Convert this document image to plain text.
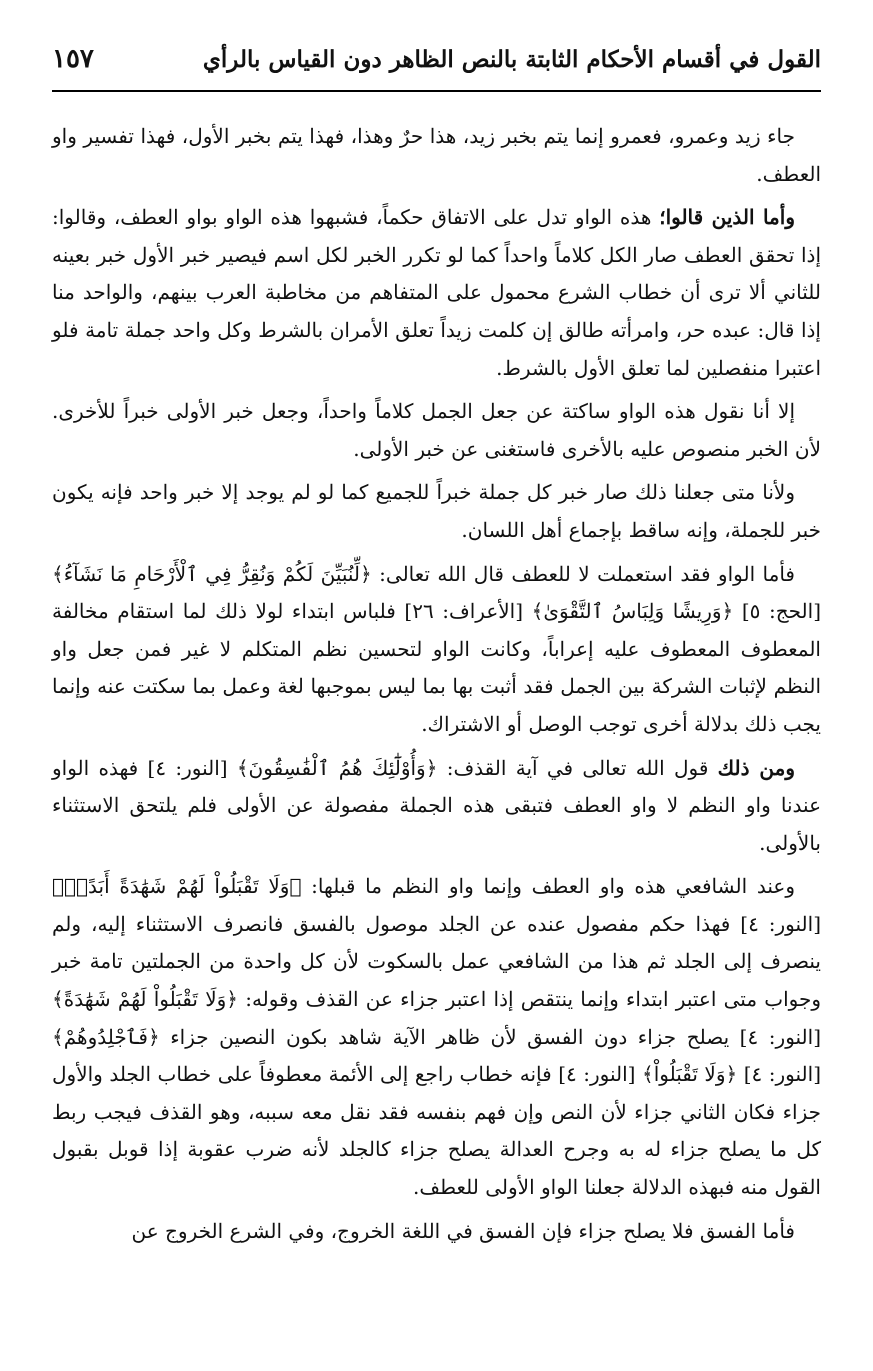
القول في أقسام الأحكام الثابتة بالنص الظاهر دون القياس بالرأي
١٥٧

جاء زيد وعمرو، فعمرو إنما يتم بخبر زيد، هذا حرٌ وهذا، فهذا يتم بخبر الأول، فهذا تفسير واو العطف.

وأما الذين قالوا؛ هذه الواو تدل على الاتفاق حكماً، فشبهوا هذه الواو بواو العطف، وقالوا: إذا تحقق العطف صار الكل كلاماً واحداً كما لو تكرر الخبر لكل اسم فيصير خبر الأول خبر بعينه للثاني ألا ترى أن خطاب الشرع محمول على المتفاهم من مخاطبة العرب بينهم، والواحد منا إذا قال: عبده حر، وامرأته طالق إن كلمت زيداً تعلق الأمران بالشرط وكل واحد جملة تامة فلو اعتبرا منفصلين لما تعلق الأول بالشرط.

إلا أنا نقول هذه الواو ساكتة عن جعل الجمل كلاماً واحداً، وجعل خبر الأولى خبراً للأخرى. لأن الخبر منصوص عليه بالأخرى فاستغنى عن خبر الأولى.

ولأنا متى جعلنا ذلك صار خبر كل جملة خبراً للجميع كما لو لم يوجد إلا خبر واحد فإنه يكون خبر للجملة، وإنه ساقط بإجماع أهل اللسان.

فأما الواو فقد استعملت لا للعطف قال الله تعالى: ﴿لِّنُبَيِّنَ لَكُمْ وَنُقِرُّ فِي ٱلْأَرْحَامِ مَا نَشَآءُ﴾ [الحج: ٥] ﴿وَرِيشًا وَلِبَاسُ ٱلتَّقْوَىٰ﴾ [الأعراف: ٢٦] فلباس ابتداء لولا ذلك لما استقام مخالفة المعطوف المعطوف عليه إعراباً، وكانت الواو لتحسين نظم المتكلم لا غير فمن جعل واو النظم لإثبات الشركة بين الجمل فقد أثبت بها بما ليس بموجبها لغة وعمل بما سكتت عنه وإنما يجب ذلك بدلالة أخرى توجب الوصل أو الاشتراك.

ومن ذلك قول الله تعالى في آية القذف: ﴿وَأُوْلَٰٓئِكَ هُمُ ٱلْفَٰسِقُونَ﴾ [النور: ٤] فهذه الواو عندنا واو النظم لا واو العطف فتبقى هذه الجملة مفصولة عن الأولى فلم يلتحق الاستثناء بالأولى.

وعند الشافعي هذه واو العطف وإنما واو النظم ما قبلها: ﴿وَلَا تَقْبَلُواْ لَهُمْ شَهَٰدَةً أَبَدًاۚ﴾ [النور: ٤] فهذا حكم مفصول عنده عن الجلد موصول بالفسق فانصرف الاستثناء إليه، ولم ينصرف إلى الجلد ثم هذا من الشافعي عمل بالسكوت لأن كل واحدة من الجملتين تامة خبر وجواب متى اعتبر ابتداء وإنما ينتقص إذا اعتبر جزاء عن القذف وقوله: ﴿وَلَا تَقْبَلُواْ لَهُمْ شَهَٰدَةً﴾ [النور: ٤] يصلح جزاء دون الفسق لأن ظاهر الآية شاهد بكون النصين جزاء ﴿فَٱجْلِدُوهُمْ﴾ [النور: ٤] ﴿وَلَا تَقْبَلُواْ﴾ [النور: ٤] فإنه خطاب راجع إلى الأئمة معطوفاً على خطاب الجلد والأول جزاء فكان الثاني جزاء لأن النص وإن فهم بنفسه فقد نقل معه سببه، وهو القذف فيجب ربط كل ما يصلح جزاء له به وجرح العدالة يصلح جزاء كالجلد لأنه ضرب عقوبة إذا قوبل بقبول القول منه فبهذه الدلالة جعلنا الواو الأولى للعطف.

فأما الفسق فلا يصلح جزاء فإن الفسق في اللغة الخروج، وفي الشرع الخروج عن
